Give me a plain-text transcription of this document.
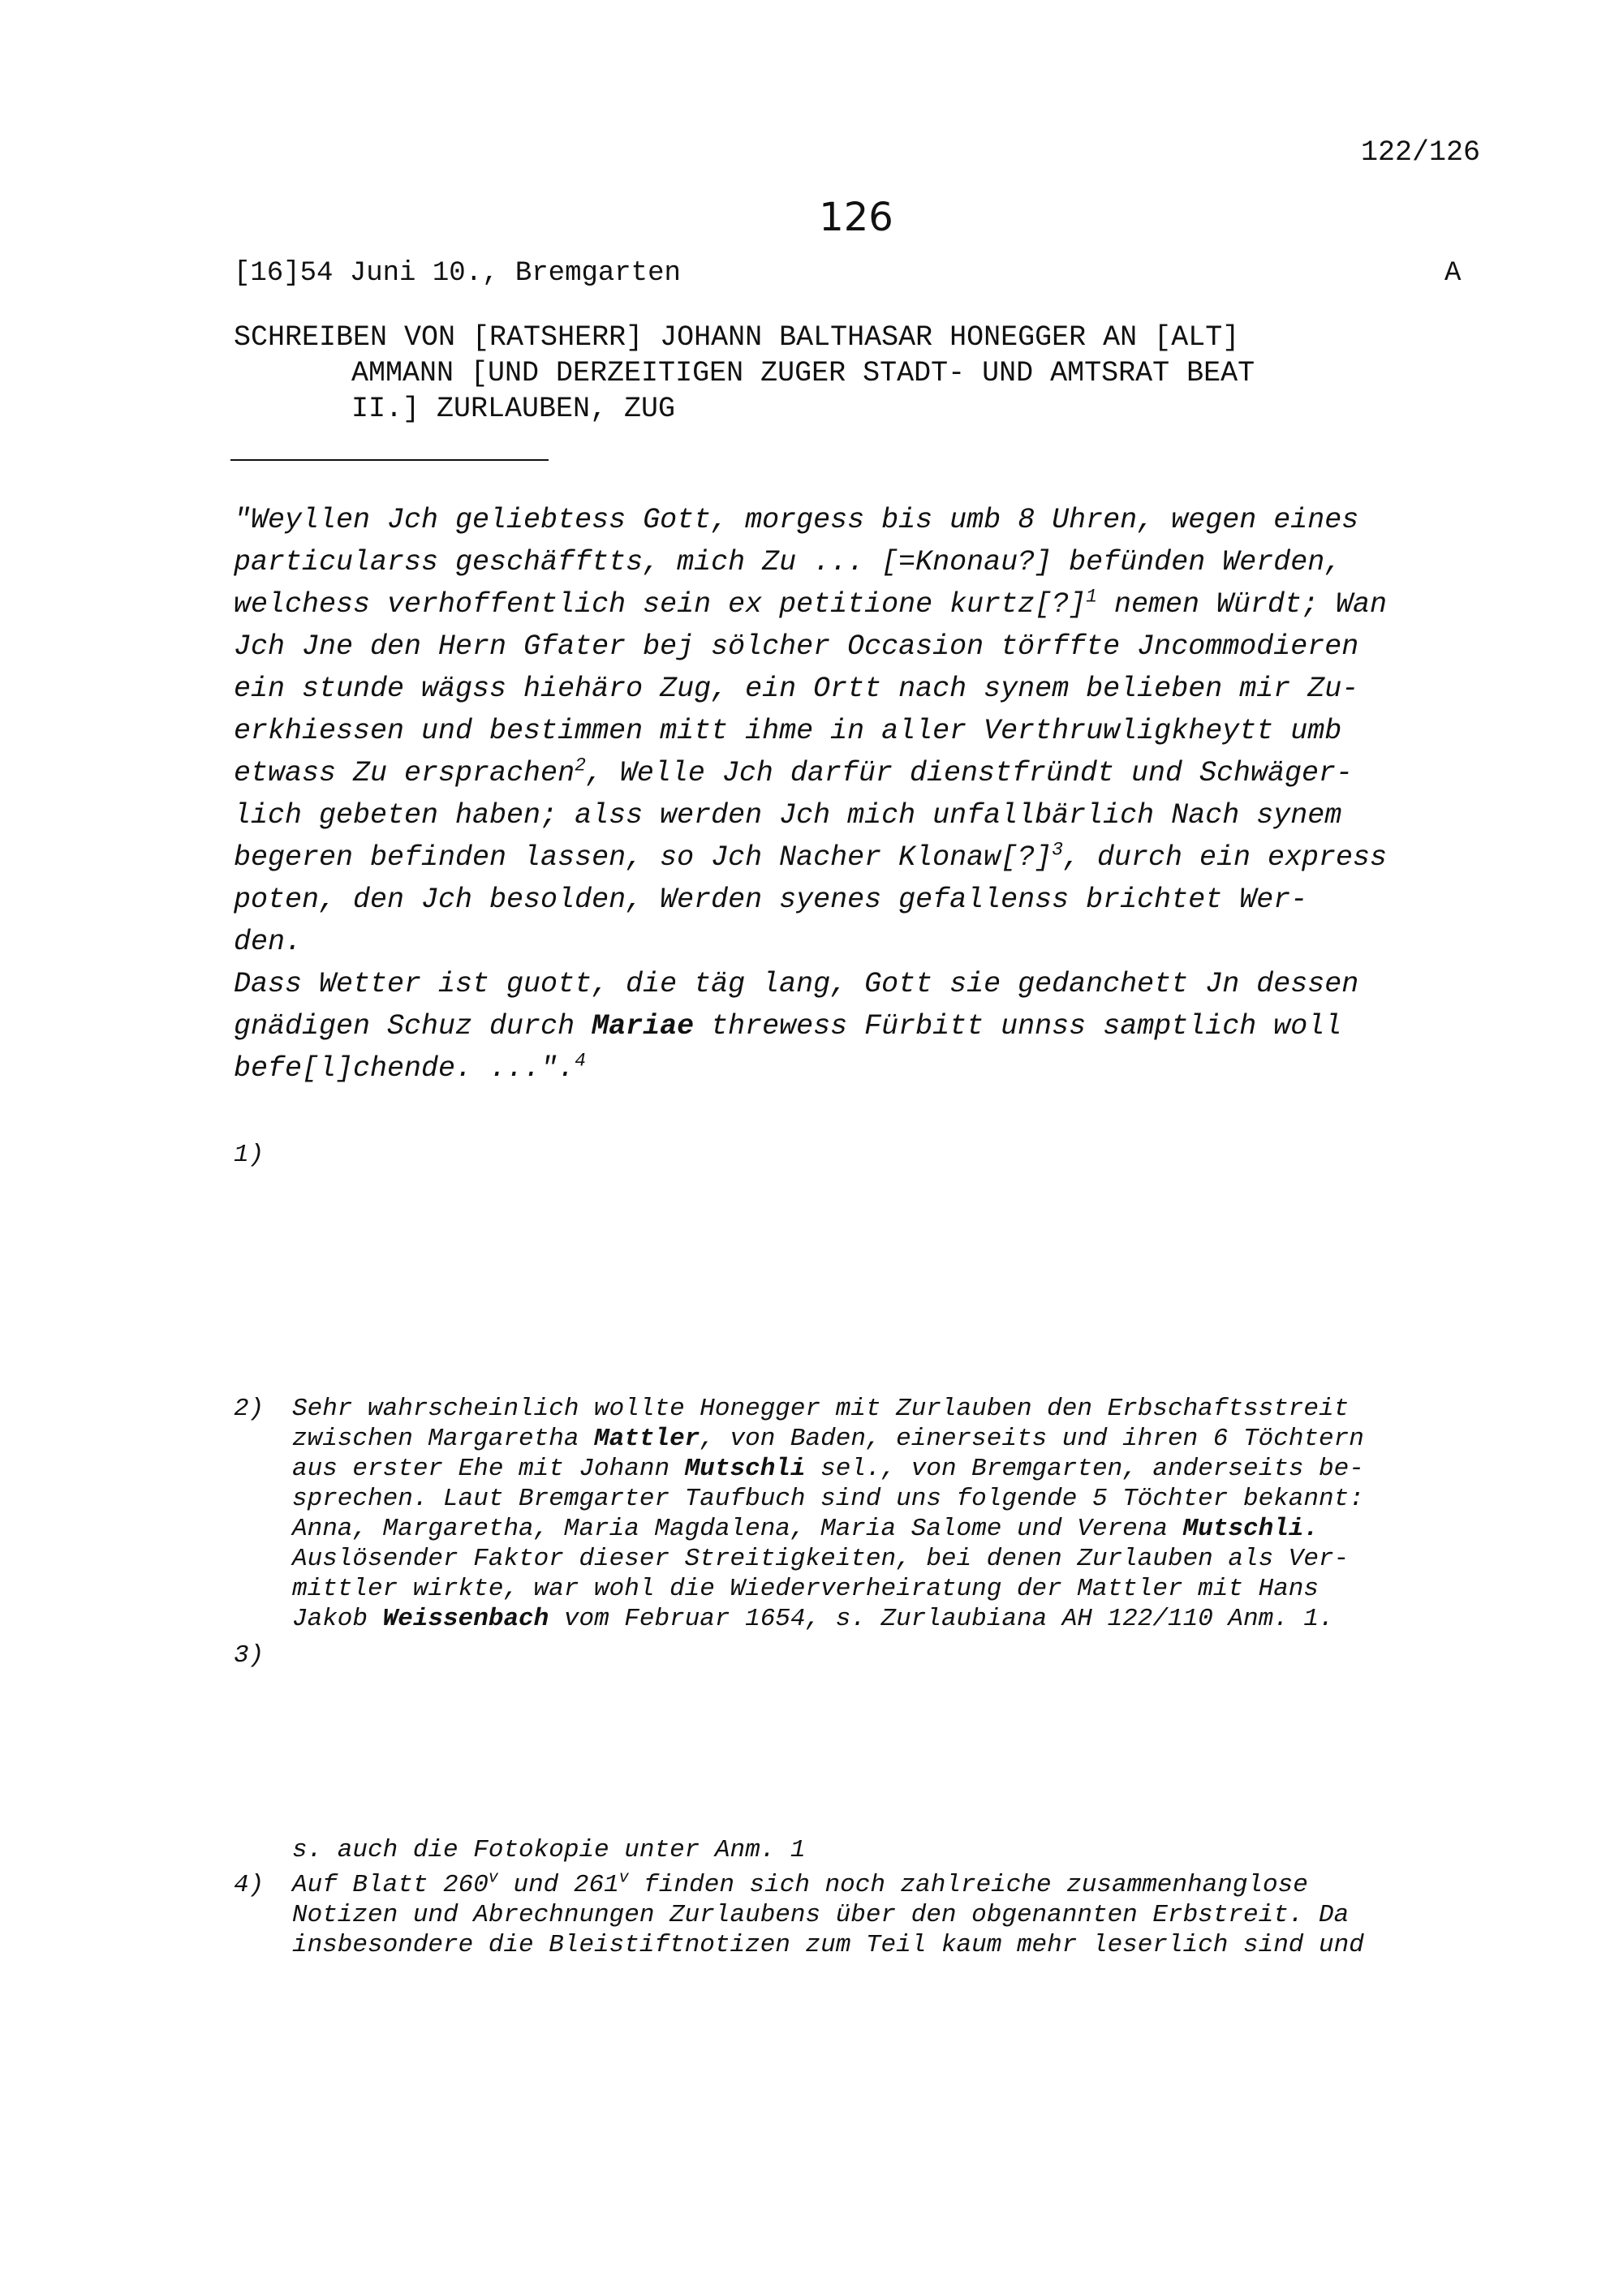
122/126
126
[16]54 Juni 10., Bremgarten	A
SCHREIBEN VON [RATSHERR] JOHANN BALTHASAR HONEGGER AN [ALT]
AMMANN [UND DERZEITIGEN ZUGER STADT- UND AMTSRAT BEAT
II.] ZURLAUBEN, ZUG
"Weyllen Jch geliebtess Gott, morgess bis umb 8 Uhren, wegen eines
particularss geschäfftts, mich Zu ... [=Knonau?] befünden Werden,
welchess verhoffentlich sein ex petitione kurtz[?]$^1$ nemen Würdt; Wan
Jch Jne den Hern Gfater bej sölcher Occasion törffte Jncommodieren
ein stunde wägss hiehäro Zug, ein Ortt nach synem belieben mir Zu-
erkhiessen und bestimmen mitt ihme in aller Verthruwligkheytt umb
etwass Zu ersprachen$^2$, Welle Jch darfür dienstfründt und Schwäger-
lich gebeten haben; alss werden Jch mich unfallbärlich Nach synem
begeren befinden lassen, so Jch Nacher Klonaw[?]$^3$, durch ein express
poten, den Jch besolden, Werden syenes gefallenss brichtet Wer-
den.
Dass Wetter ist guott, die täg lang, Gott sie gedanchett Jn dessen
gnädigen Schuz durch Mariae threwess Fürbitt unnss samptlich woll
befe[l]chende. ...".$^4$
1)
2) Sehr wahrscheinlich wollte Honegger mit Zurlauben den Erbschaftsstreit
zwischen Margaretha Mattler, von Baden, einerseits und ihren 6 Töchtern
aus erster Ehe mit Johann Mutschli sel., von Bremgarten, anderseits be-
sprechen. Laut Bremgarter Taufbuch sind uns folgende 5 Töchter bekannt:
Anna, Margaretha, Maria Magdalena, Maria Salome und Verena Mutschli.
Auslösender Faktor dieser Streitigkeiten, bei denen Zurlauben als Ver-
mittler wirkte, war wohl die Wiederverheiratung der Mattler mit Hans
Jakob Weissenbach vom Februar 1654, s. Zurlaubiana AH 122/110 Anm. 1.
3)
s. auch die Fotokopie unter Anm. 1
4) Auf Blatt 260$^v$ und 261$^v$ finden sich noch zahlreiche zusammenhanglose
Notizen und Abrechnungen Zurlaubens über den obgenannten Erbstreit. Da
insbesondere die Bleistiftnotizen zum Teil kaum mehr leserlich sind und
